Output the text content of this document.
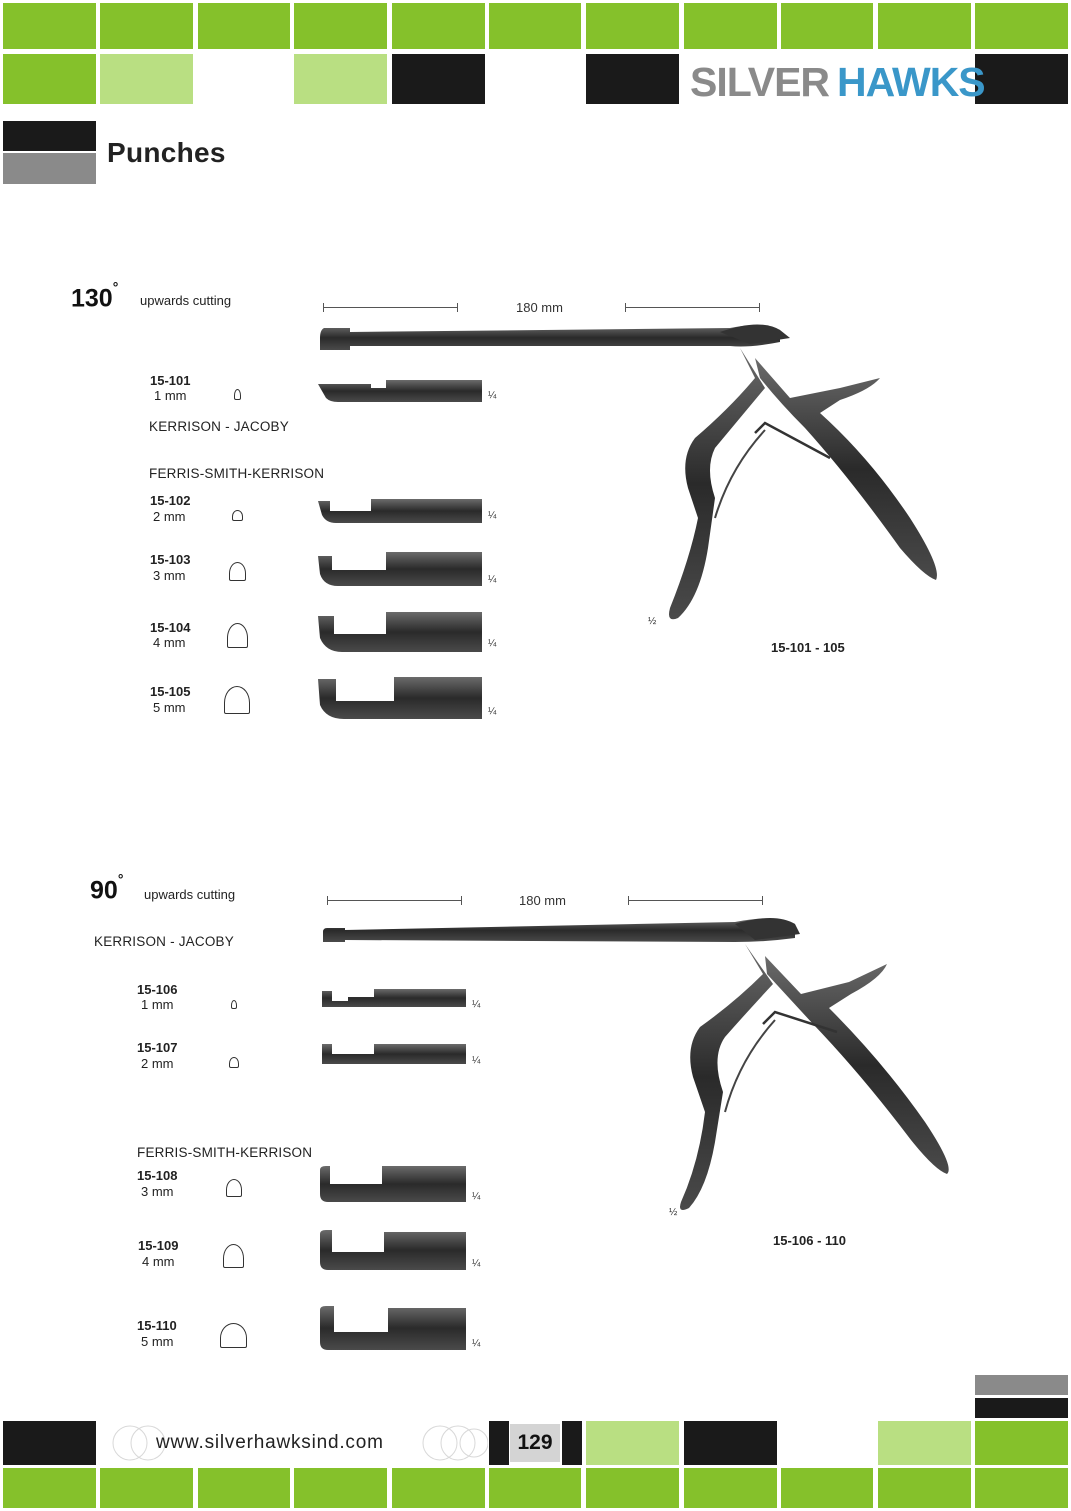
SILVER HAWKS
Punches
130°
upwards cutting	180 mm
½
15-101 - 105
15-101
1 mm	¼
KERRISON - JACOBY
FERRIS-SMITH-KERRISON
15-102
2 mm	¼
15-103
3 mm	¼
15-104
4 mm	¼
15-105
5 mm	¼
90°
upwards cutting
KERRISON - JACOBY
180 mm
½
15-106 - 110
15-106
1 mm	¼
15-107
2 mm	¼
FERRIS-SMITH-KERRISON
15-108
3 mm	¼
15-109
4 mm	¼
15-110
5 mm	¼
www.silverhawksind.com	129
